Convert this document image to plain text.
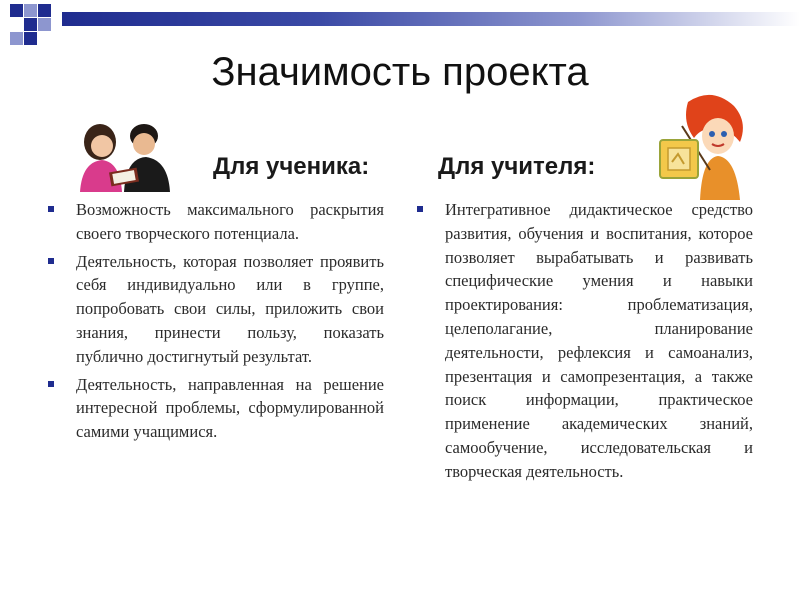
Значимость проекта
Для ученика:	Для учителя:
Возможность максимального раскрытия своего творческого потенциала.
Деятельность, которая позволяет проявить себя индивидуально или в группе, попробовать свои силы, приложить свои знания, принести пользу, показать публично достигнутый результат.
Деятельность, направленная на решение интересной проблемы, сформулированной самими учащимися.
Интегративное дидактическое средство развития, обучения и воспитания, которое позволяет вырабатывать и развивать специфические умения и навыки проектирования: проблематизация, целеполагание, планирование деятельности, рефлексия и самоанализ, презентация и самопрезентация, а также поиск информации, практическое применение академических знаний, самообучение, исследовательская и творческая деятельность.
